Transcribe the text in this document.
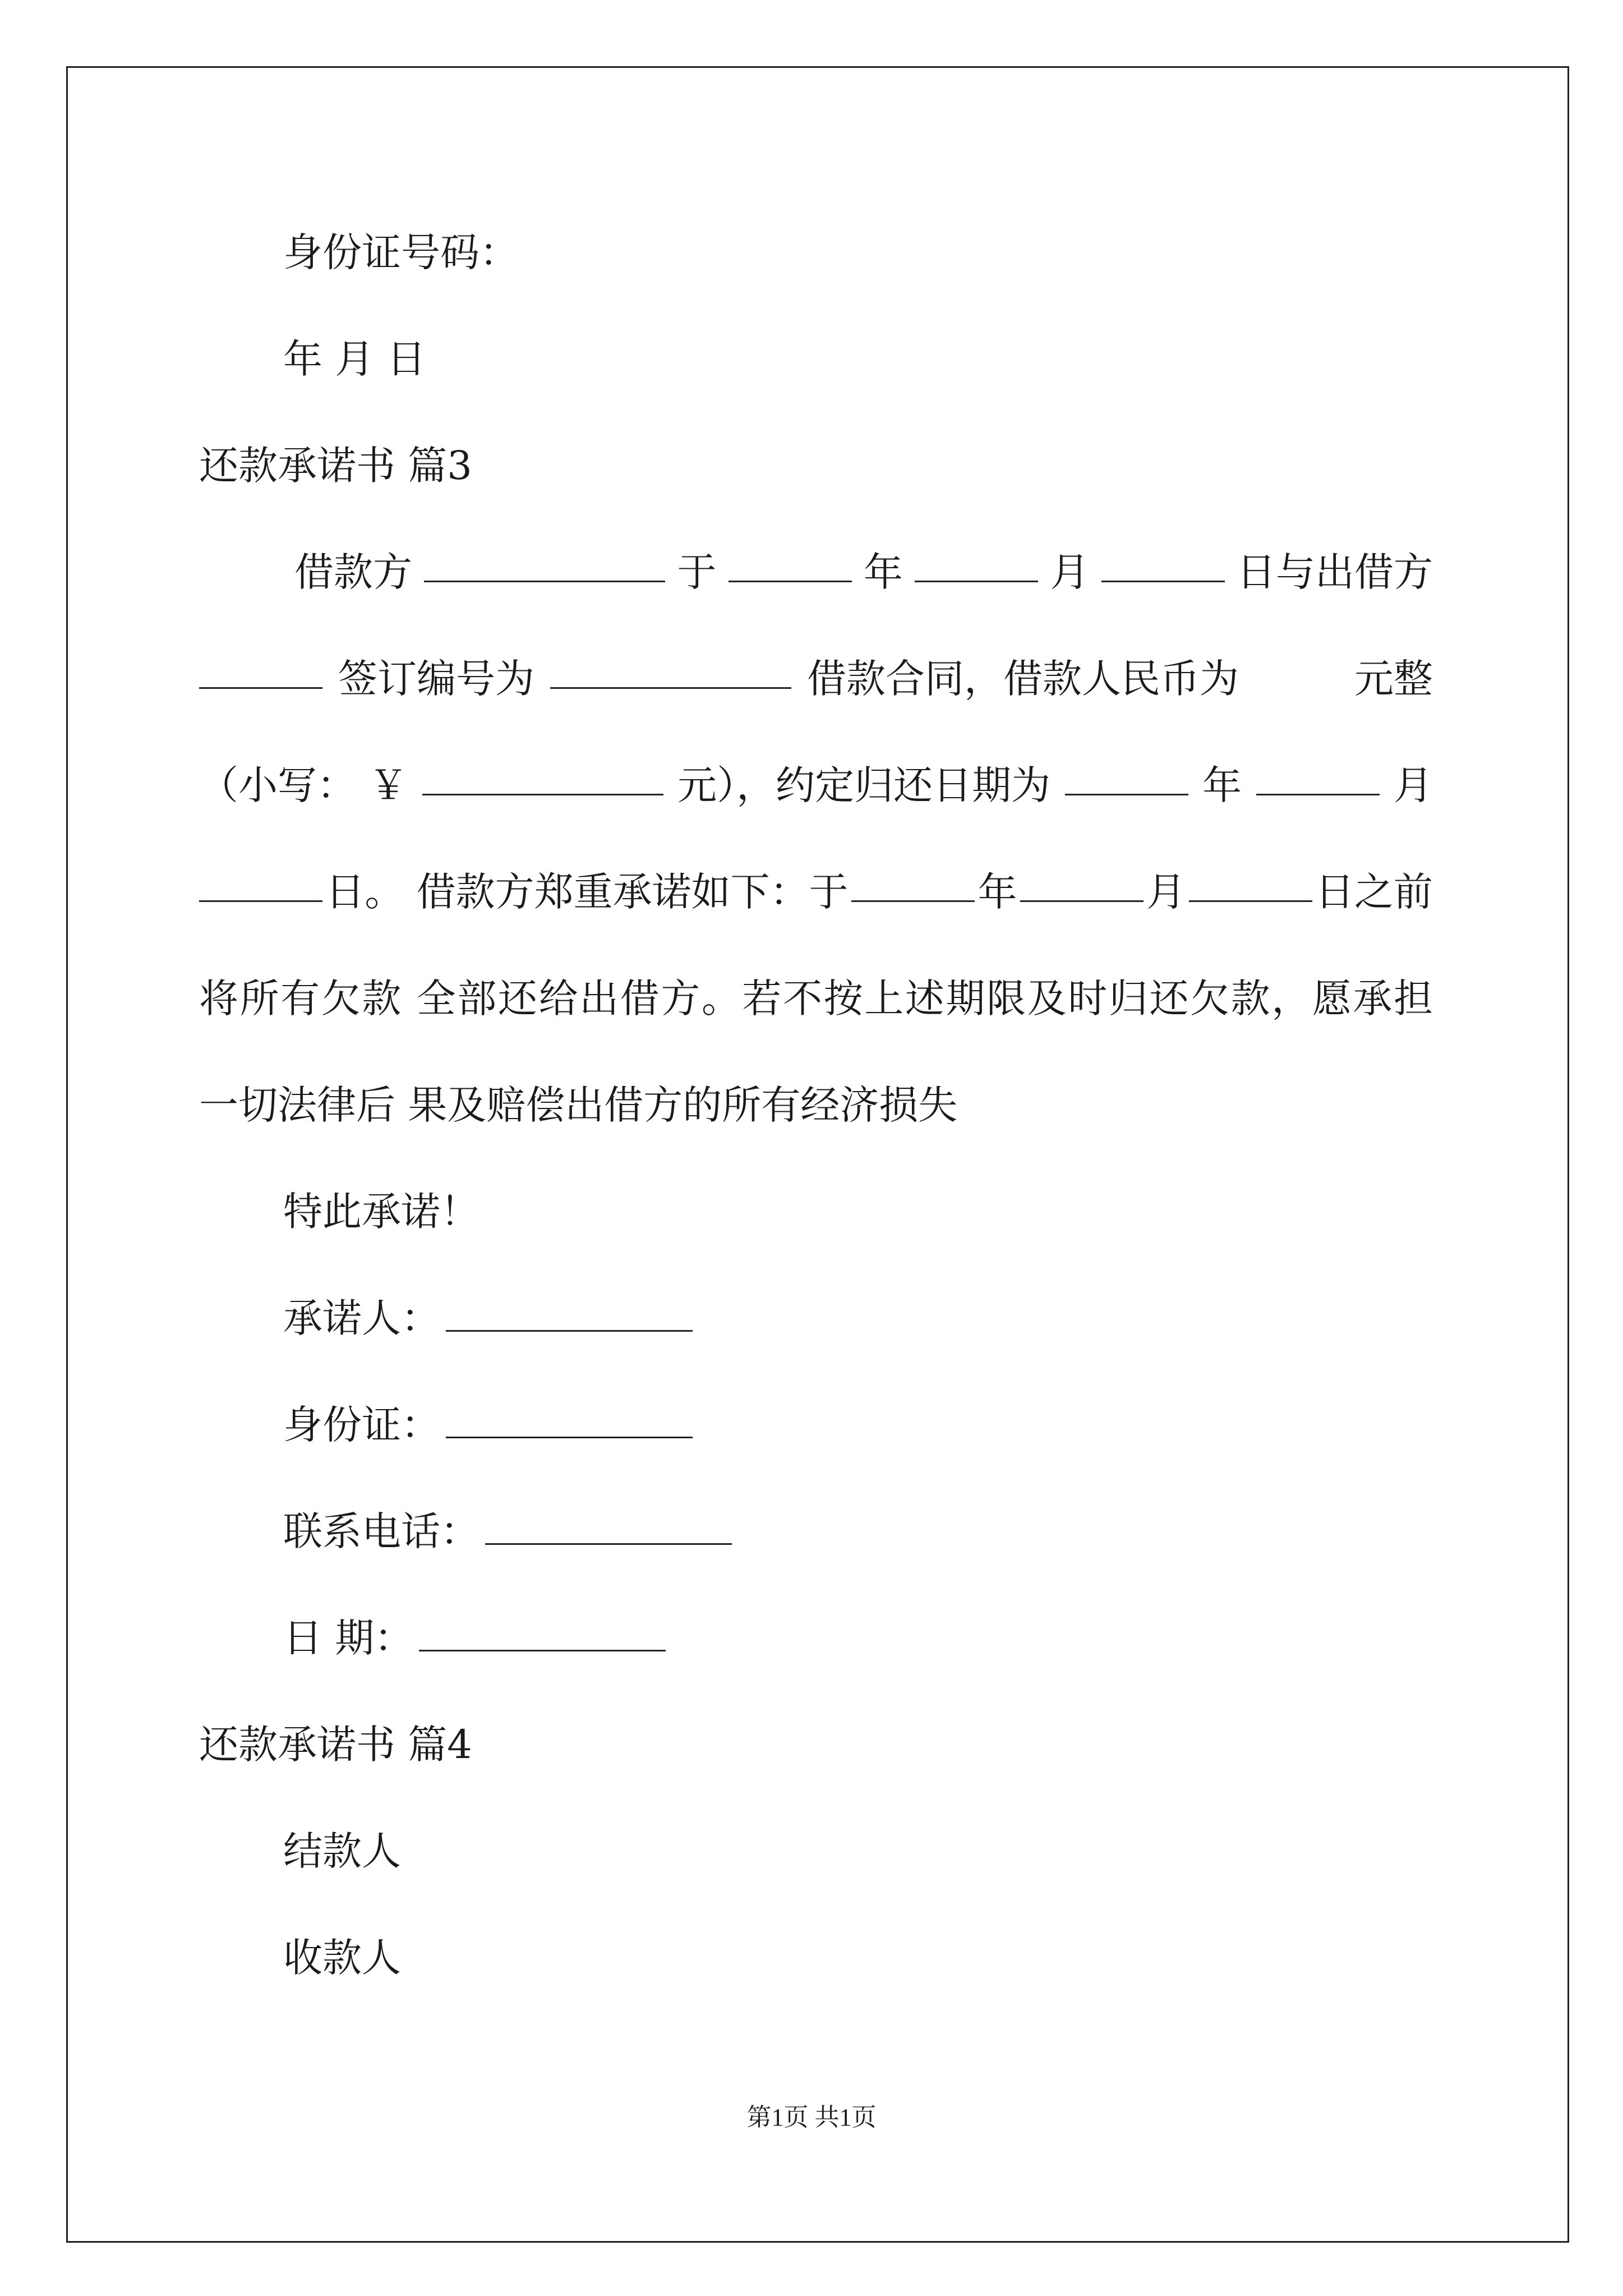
身份证号码：
年 月 日
还款承诺书 篇3
借款方	于	年	月	日与出借方
签订编号为	借款合同，借款人民币为	元整
（小写： ￥	元），约定归还日期为	年	月
日。 借款方郑重承诺如下：于	年	月	日之前
将所有欠款 全部还给出借方。若不按上述期限及时归还欠款，愿承担
一切法律后 果及赔偿出借方的所有经济损失
特此承诺！
承诺人：
身份证：
联系电话：
日 期：
还款承诺书 篇4
结款人
收款人
第1页 共1页
